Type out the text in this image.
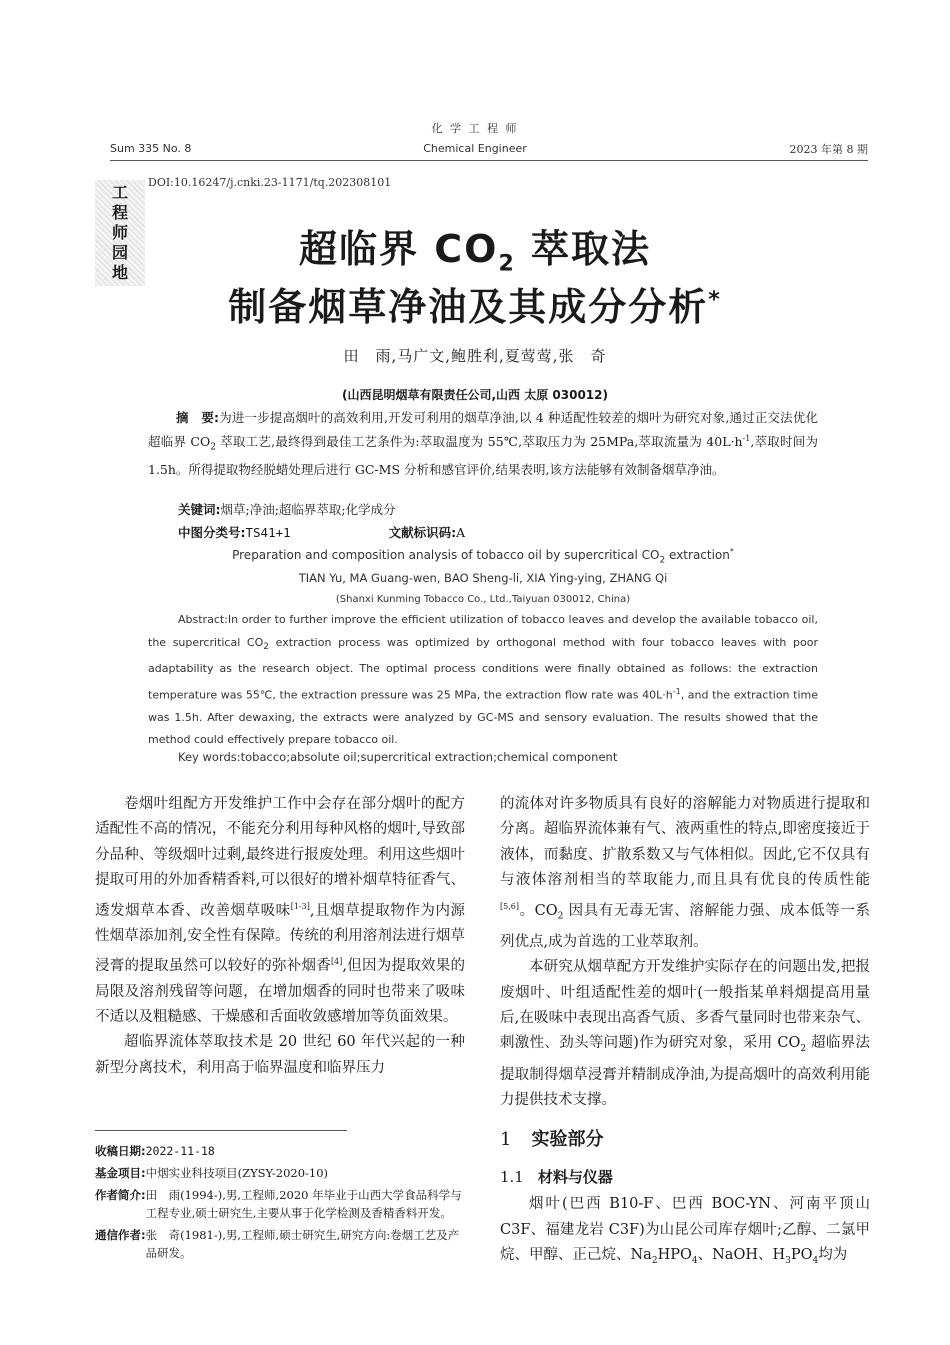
化 学 工 程 师
Sum 335 No. 8	Chemical Engineer	2023 年第 8 期
工
程
师
园
地
DOI:10.16247/j.cnki.23-1171/tq.202308101
超临界 $CO_2$ 萃取法
制备烟草净油及其成分分析*
田　雨,马广文,鲍胜利,夏莺莺,张　奇
(山西昆明烟草有限责任公司,山西 太原 030012)
摘　要:为进一步提高烟叶的高效利用,开发可利用的烟草净油,以 4 种适配性较差的烟叶为研究对象,通过正交法优化超临界 $CO_2$ 萃取工艺,最终得到最佳工艺条件为:萃取温度为 55℃,萃取压力为 25MPa,萃取流量为 $40L\cdot h^{-1}$,萃取时间为 1.5h。所得提取物经脱蜡处理后进行 GC-MS 分析和感官评价,结果表明,该方法能够有效制备烟草净油。
关键词:烟草;净油;超临界萃取;化学成分
中图分类号:TS41+1	文献标识码:A
Preparation and composition analysis of tobacco oil by supercritical $CO_2$ extraction*
TIAN Yu, MA Guang-wen, BAO Sheng-li, XIA Ying-ying, ZHANG Qi
(Shanxi Kunming Tobacco Co., Ltd.,Taiyuan 030012, China)
Abstract:In order to further improve the efficient utilization of tobacco leaves and develop the available tobacco oil, the supercritical $CO_2$ extraction process was optimized by orthogonal method with four tobacco leaves with poor adaptability as the research object. The optimal process conditions were finally obtained as follows: the extraction temperature was 55℃, the extraction pressure was 25 MPa, the extraction flow rate was $40L\cdot h^{-1}$, and the extraction time was 1.5h. After dewaxing, the extracts were analyzed by GC-MS and sensory evaluation. The results showed that the method could effectively prepare tobacco oil.
Key words:tobacco;absolute oil;supercritical extraction;chemical component

卷烟叶组配方开发维护工作中会存在部分烟叶的配方适配性不高的情况，不能充分利用每种风格的烟叶,导致部分品种、等级烟叶过剩,最终进行报废处理。利用这些烟叶提取可用的外加香精香料,可以很好的增补烟草特征香气、透发烟草本香、改善烟草吸味[1-3],且烟草提取物作为内源性烟草添加剂,安全性有保障。传统的利用溶剂法进行烟草浸膏的提取虽然可以较好的弥补烟香[4],但因为提取效果的局限及溶剂残留等问题，在增加烟香的同时也带来了吸味不适以及粗糙感、干燥感和舌面收敛感增加等负面效果。

超临界流体萃取技术是 20 世纪 60 年代兴起的一种新型分离技术，利用高于临界温度和临界压力

收稿日期: 2022-11-18
基金项目: 中烟实业科技项目(ZYSY-2020-10)
作者简介: 田　雨(1994-),男,工程师,2020 年毕业于山西大学食品科学与工程专业,硕士研究生,主要从事于化学检测及香精香料开发。
通信作者: 张　奇(1981-),男,工程师,硕士研究生,研究方向:卷烟工艺及产品研发。

的流体对许多物质具有良好的溶解能力对物质进行提取和分离。超临界流体兼有气、液两重性的特点,即密度接近于液体，而黏度、扩散系数又与气体相似。因此,它不仅具有与液体溶剂相当的萃取能力,而且具有优良的传质性能[5,6]。$CO_2$ 因具有无毒无害、溶解能力强、成本低等一系列优点,成为首选的工业萃取剂。

本研究从烟草配方开发维护实际存在的问题出发,把报废烟叶、叶组适配性差的烟叶(一般指某单料烟提高用量后,在吸味中表现出高香气质、多香气量同时也带来杂气、刺激性、劲头等问题)作为研究对象，采用 $CO_2$ 超临界法提取制得烟草浸膏并精制成净油,为提高烟叶的高效利用能力提供技术支撑。

1 实验部分
1.1 材料与仪器

烟叶(巴西 B10-F、巴西 BOC-YN、河南平顶山 C3F、福建龙岩 C3F)为山昆公司库存烟叶;乙醇、二氯甲烷、甲醇、正己烷、$Na_2HPO_4$、NaOH、$H_3PO_4$均为
